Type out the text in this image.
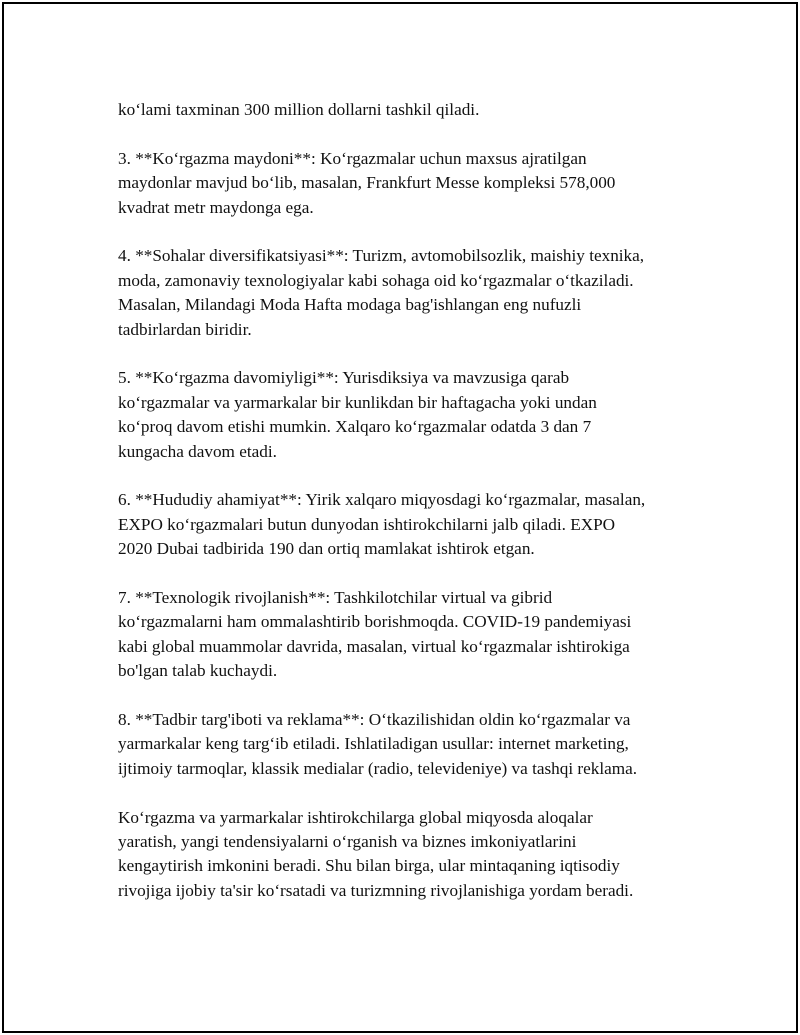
ko‘lami taxminan 300 million dollarni tashkil qiladi.

3. **Ko‘rgazma maydoni**: Ko‘rgazmalar uchun maxsus ajratilgan
maydonlar mavjud bo‘lib, masalan, Frankfurt Messe kompleksi 578,000
kvadrat metr maydonga ega.

4. **Sohalar diversifikatsiyasi**: Turizm, avtomobilsozlik, maishiy texnika,
moda, zamonaviy texnologiyalar kabi sohaga oid ko‘rgazmalar o‘tkaziladi.
Masalan, Milandagi Moda Hafta modaga bag'ishlangan eng nufuzli
tadbirlardan biridir.

5. **Ko‘rgazma davomiyligi**: Yurisdiksiya va mavzusiga qarab
ko‘rgazmalar va yarmarkalar bir kunlikdan bir haftagacha yoki undan
ko‘proq davom etishi mumkin. Xalqaro ko‘rgazmalar odatda 3 dan 7
kungacha davom etadi.

6. **Hududiy ahamiyat**: Yirik xalqaro miqyosdagi ko‘rgazmalar, masalan,
EXPO ko‘rgazmalari butun dunyodan ishtirokchilarni jalb qiladi. EXPO
2020 Dubai tadbirida 190 dan ortiq mamlakat ishtirok etgan.

7. **Texnologik rivojlanish**: Tashkilotchilar virtual va gibrid
ko‘rgazmalarni ham ommalashtirib borishmoqda. COVID-19 pandemiyasi
kabi global muammolar davrida, masalan, virtual ko‘rgazmalar ishtirokiga
bo'lgan talab kuchaydi.

8. **Tadbir targ'iboti va reklama**: O‘tkazilishidan oldin ko‘rgazmalar va
yarmarkalar keng targ‘ib etiladi. Ishlatiladigan usullar: internet marketing,
ijtimoiy tarmoqlar, klassik medialar (radio, televideniye) va tashqi reklama.

Ko‘rgazma va yarmarkalar ishtirokchilarga global miqyosda aloqalar
yaratish, yangi tendensiyalarni o‘rganish va biznes imkoniyatlarini
kengaytirish imkonini beradi. Shu bilan birga, ular mintaqaning iqtisodiy
rivojiga ijobiy ta'sir ko‘rsatadi va turizmning rivojlanishiga yordam beradi.
